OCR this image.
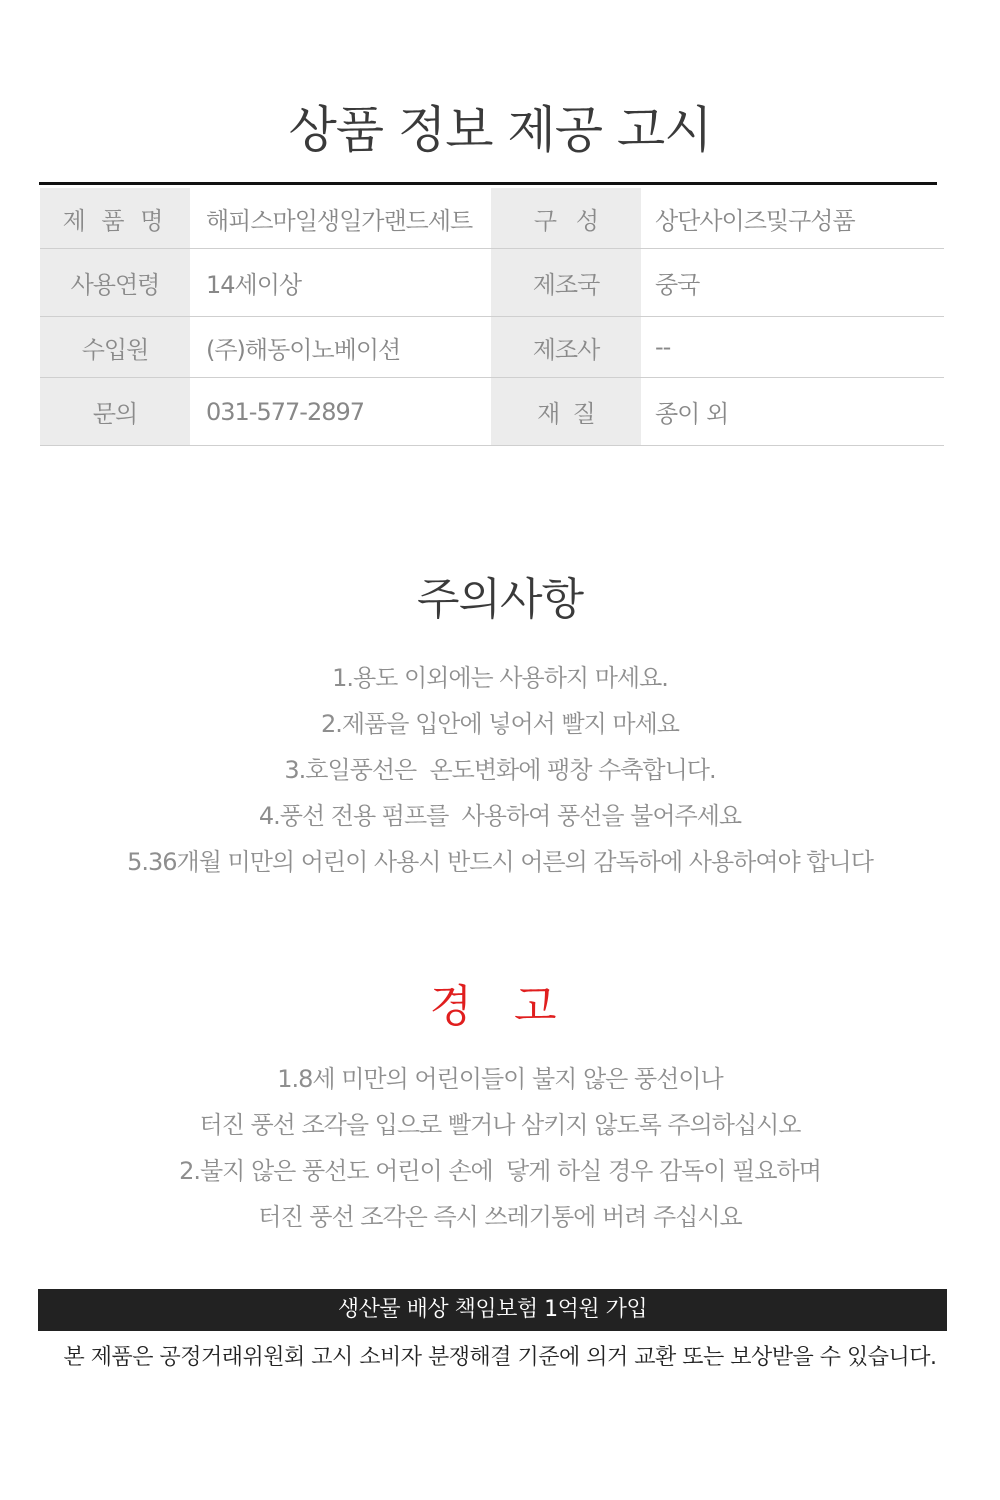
상품 정보 제공 고시
제 품 명	해피스마일생일가랜드세트	구   성	상단사이즈및구성품
사용연령	14세이상	제조국	중국
수입원	(주)해동이노베이션	제조사	--
문의	031-577-2897	재  질	종이 외
주의사항
1.용도 이외에는 사용하지 마세요.
2.제품을 입안에 넣어서 빨지 마세요
3.호일풍선은  온도변화에 팽창 수축합니다.
4.풍선 전용 펌프를  사용하여 풍선을 불어주세요
5.36개월 미만의 어린이 사용시 반드시 어른의 감독하에 사용하여야 합니다
경 고
1.8세 미만의 어린이들이 불지 않은 풍선이나
터진 풍선 조각을 입으로 빨거나 삼키지 않도록 주의하십시오
2.불지 않은 풍선도 어린이 손에  닿게 하실 경우 감독이 필요하며
터진 풍선 조각은 즉시 쓰레기통에 버려 주십시요
생산물 배상 책임보험 1억원 가입
본 제품은 공정거래위원회 고시 소비자 분쟁해결 기준에 의거 교환 또는 보상받을 수 있습니다.
